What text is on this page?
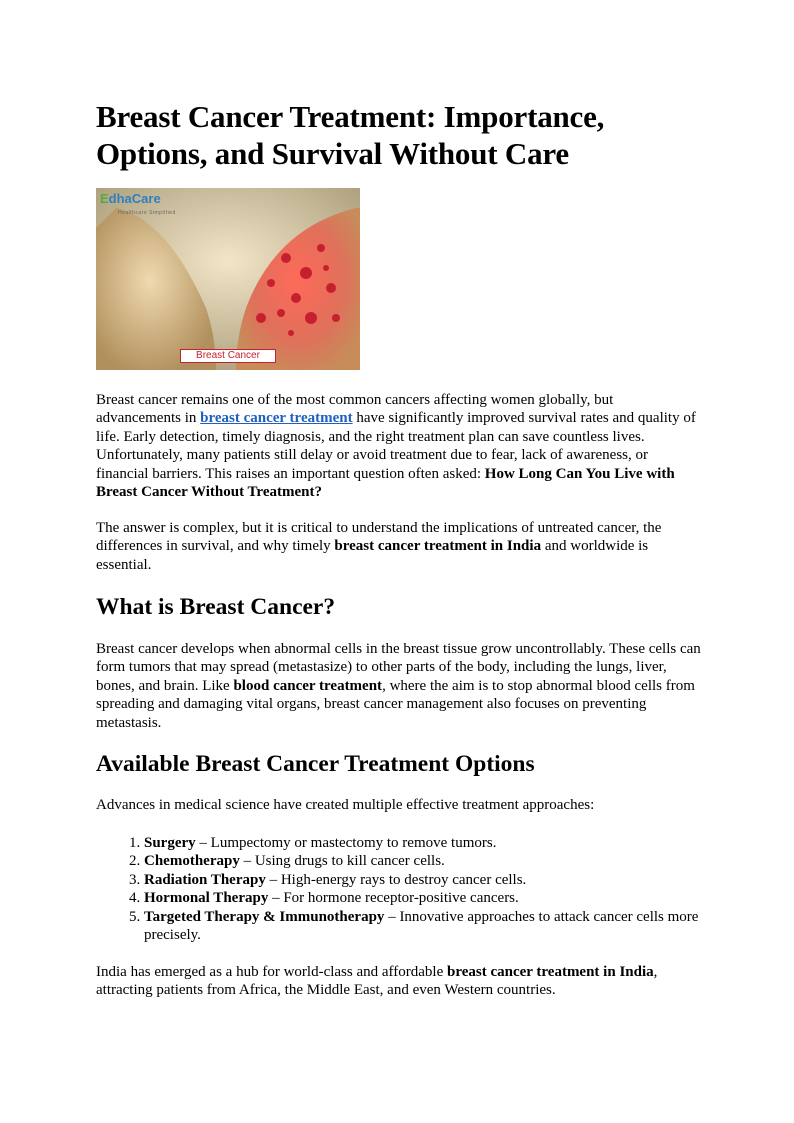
Breast Cancer Treatment: Importance, Options, and Survival Without Care
EdhaCare
Healthcare Simplified
Breast Cancer

Breast cancer remains one of the most common cancers affecting women globally, but advancements in breast cancer treatment have significantly improved survival rates and quality of life. Early detection, timely diagnosis, and the right treatment plan can save countless lives. Unfortunately, many patients still delay or avoid treatment due to fear, lack of awareness, or financial barriers. This raises an important question often asked: How Long Can You Live with Breast Cancer Without Treatment?

The answer is complex, but it is critical to understand the implications of untreated cancer, the differences in survival, and why timely breast cancer treatment in India and worldwide is essential.

What is Breast Cancer?

Breast cancer develops when abnormal cells in the breast tissue grow uncontrollably. These cells can form tumors that may spread (metastasize) to other parts of the body, including the lungs, liver, bones, and brain. Like blood cancer treatment, where the aim is to stop abnormal blood cells from spreading and damaging vital organs, breast cancer management also focuses on preventing metastasis.

Available Breast Cancer Treatment Options

Advances in medical science have created multiple effective treatment approaches:

1. Surgery – Lumpectomy or mastectomy to remove tumors.
2. Chemotherapy – Using drugs to kill cancer cells.
3. Radiation Therapy – High-energy rays to destroy cancer cells.
4. Hormonal Therapy – For hormone receptor-positive cancers.
5. Targeted Therapy & Immunotherapy – Innovative approaches to attack cancer cells more precisely.

India has emerged as a hub for world-class and affordable breast cancer treatment in India, attracting patients from Africa, the Middle East, and even Western countries.
